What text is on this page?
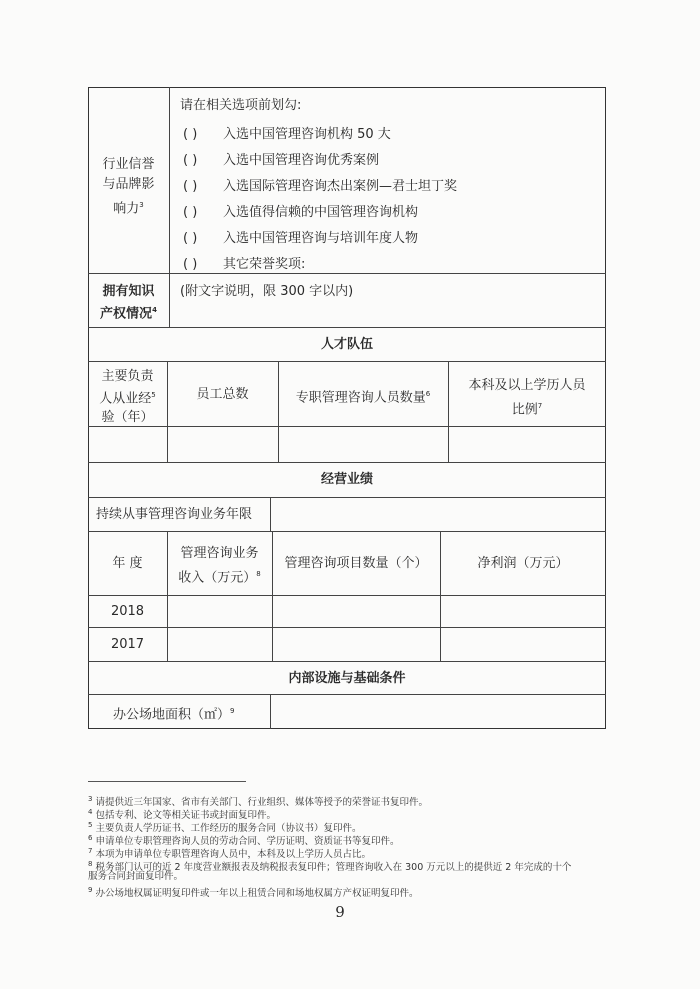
行业信誉
与品牌影
响力$^3$
请在相关选项前划勾:
( ) 入选中国管理咨询机构 50 大
( ) 入选中国管理咨询优秀案例
( ) 入选国际管理咨询杰出案例—君士坦丁奖
( ) 入选值得信赖的中国管理咨询机构
( ) 入选中国管理咨询与培训年度人物
( ) 其它荣誉奖项:
拥有知识
产权情况$^4$
(附文字说明，限 300 字以内)
人才队伍
主要负责
人从业经$^5$
验（年）
员工总数	专职管理咨询人员数量$^6$
本科及以上学历人员
比例$^7$
经营业绩
持续从事管理咨询业务年限
年 度
管理咨询业务
收入（万元）$^8$
管理咨询项目数量（个）	净利润（万元）
2018
2017
内部设施与基础条件
办公场地面积（㎡）$^9$
$^3$ 请提供近三年国家、省市有关部门、行业组织、媒体等授予的荣誉证书复印件。
$^4$ 包括专利、论文等相关证书或封面复印件。
$^5$ 主要负责人学历证书、工作经历的服务合同（协议书）复印件。
$^6$ 申请单位专职管理咨询人员的劳动合同、学历证明、资质证书等复印件。
$^7$ 本项为申请单位专职管理咨询人员中，本科及以上学历人员占比。
$^8$ 税务部门认可的近 2 年度营业额报表及纳税报表复印件；管理咨询收入在 300 万元以上的提供近 2 年完成的十个
服务合同封面复印件。
$^9$ 办公场地权属证明复印件或一年以上租赁合同和场地权属方产权证明复印件。
9
